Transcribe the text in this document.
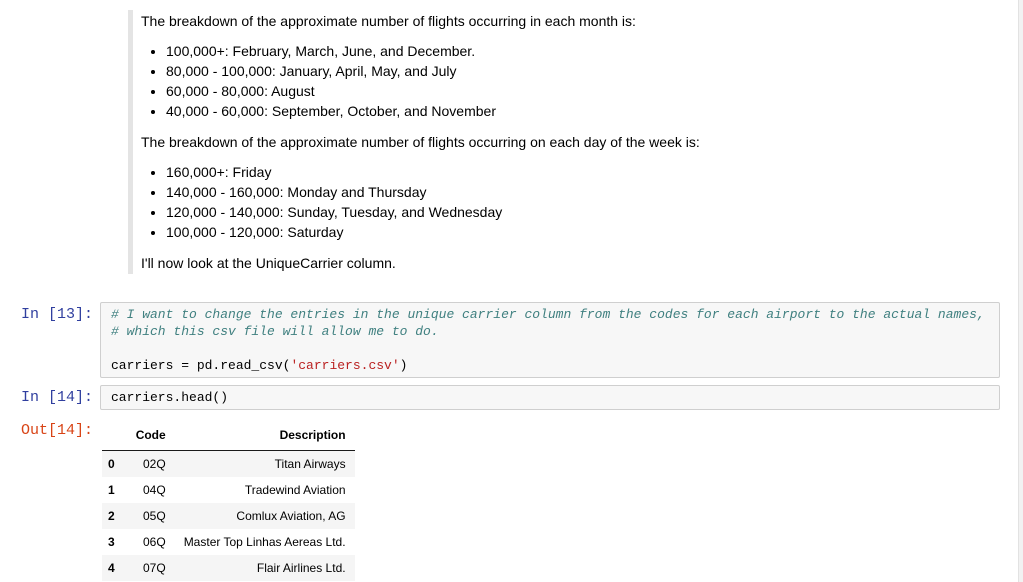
The breakdown of the approximate number of flights occurring in each month is:

• 100,000+: February, March, June, and December.
• 80,000 - 100,000: January, April, May, and July
• 60,000 - 80,000: August
• 40,000 - 60,000: September, October, and November

The breakdown of the approximate number of flights occurring on each day of the week is:

• 160,000+: Friday
• 140,000 - 160,000: Monday and Thursday
• 120,000 - 140,000: Sunday, Tuesday, and Wednesday
• 100,000 - 120,000: Saturday

I'll now look at the UniqueCarrier column.

In [13]:	# I want to change the entries in the unique carrier column from the codes for each airport to the actual names,
# which this csv file will allow me to do.
carriers = pd.read_csv('carriers.csv')
In [14]:	carriers.head()
Out[14]:
		Code	Description
0	02Q	Titan Airways
1	04Q	Tradewind Aviation
2	05Q	Comlux Aviation, AG
3	06Q	Master Top Linhas Aereas Ltd.
4	07Q	Flair Airlines Ltd.
